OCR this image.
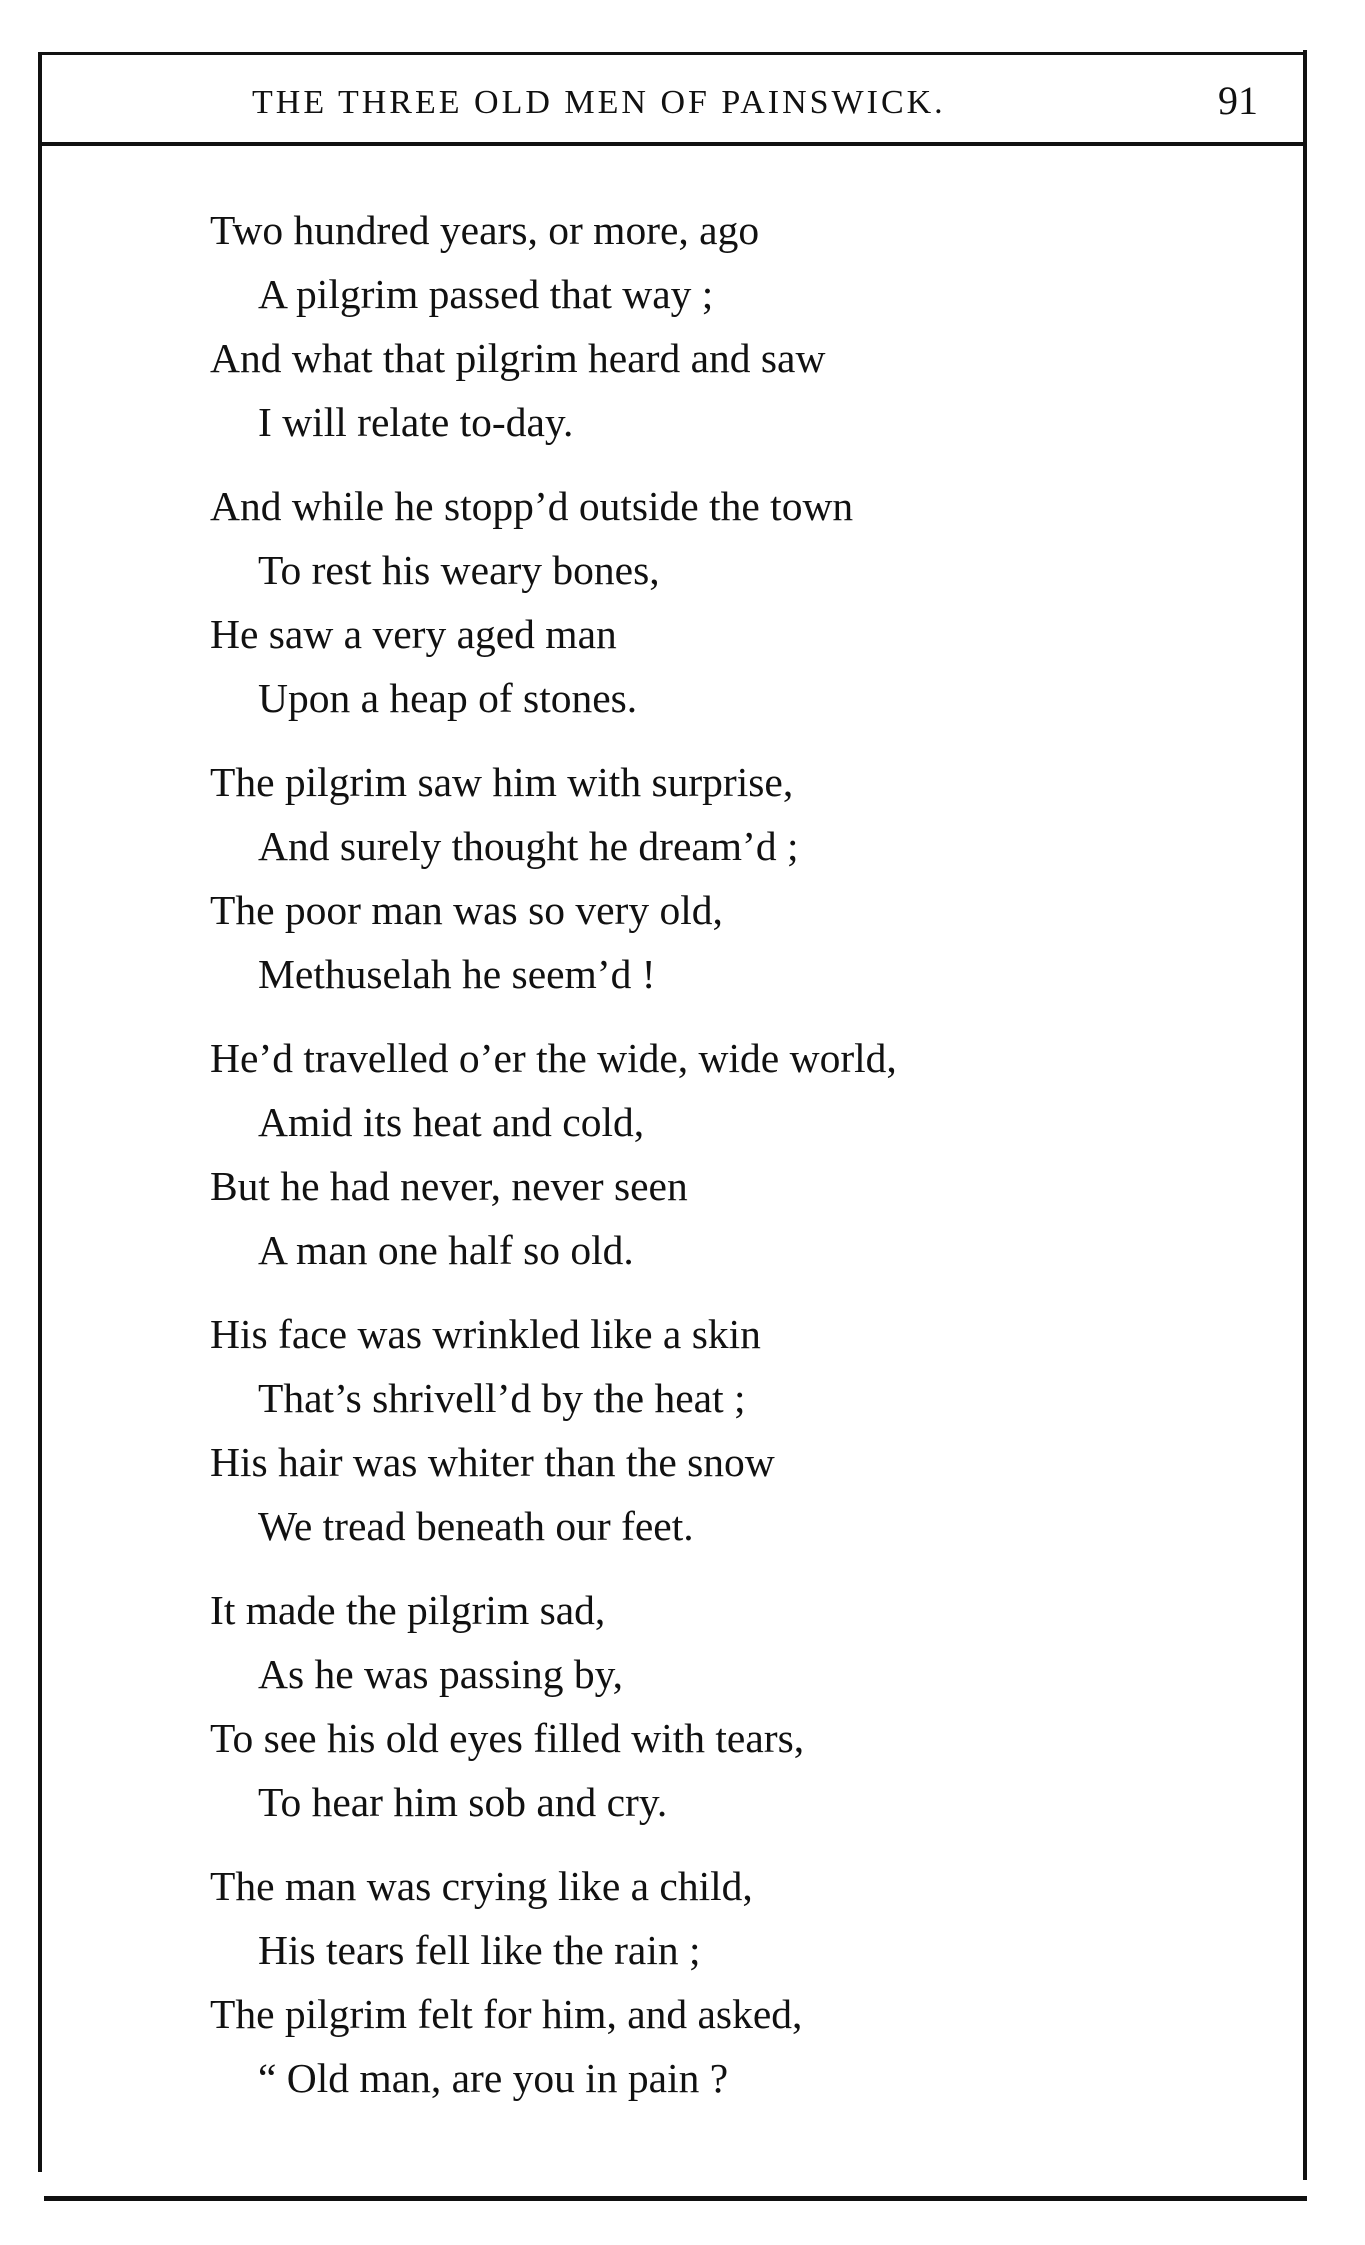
THE THREE OLD MEN OF PAINSWICK.	91
Two hundred years, or more, ago
A pilgrim passed that way ;
And what that pilgrim heard and saw
I will relate to-day.
And while he stopp’d outside the town
To rest his weary bones,
He saw a very aged man
Upon a heap of stones.
The pilgrim saw him with surprise,
And surely thought he dream’d ;
The poor man was so very old,
Methuselah he seem’d !
He’d travelled o’er the wide, wide world,
Amid its heat and cold,
But he had never, never seen
A man one half so old.
His face was wrinkled like a skin
That’s shrivell’d by the heat ;
His hair was whiter than the snow
We tread beneath our feet.
It made the pilgrim sad,
As he was passing by,
To see his old eyes filled with tears,
To hear him sob and cry.
The man was crying like a child,
His tears fell like the rain ;
The pilgrim felt for him, and asked,
“ Old man, are you in pain ?
